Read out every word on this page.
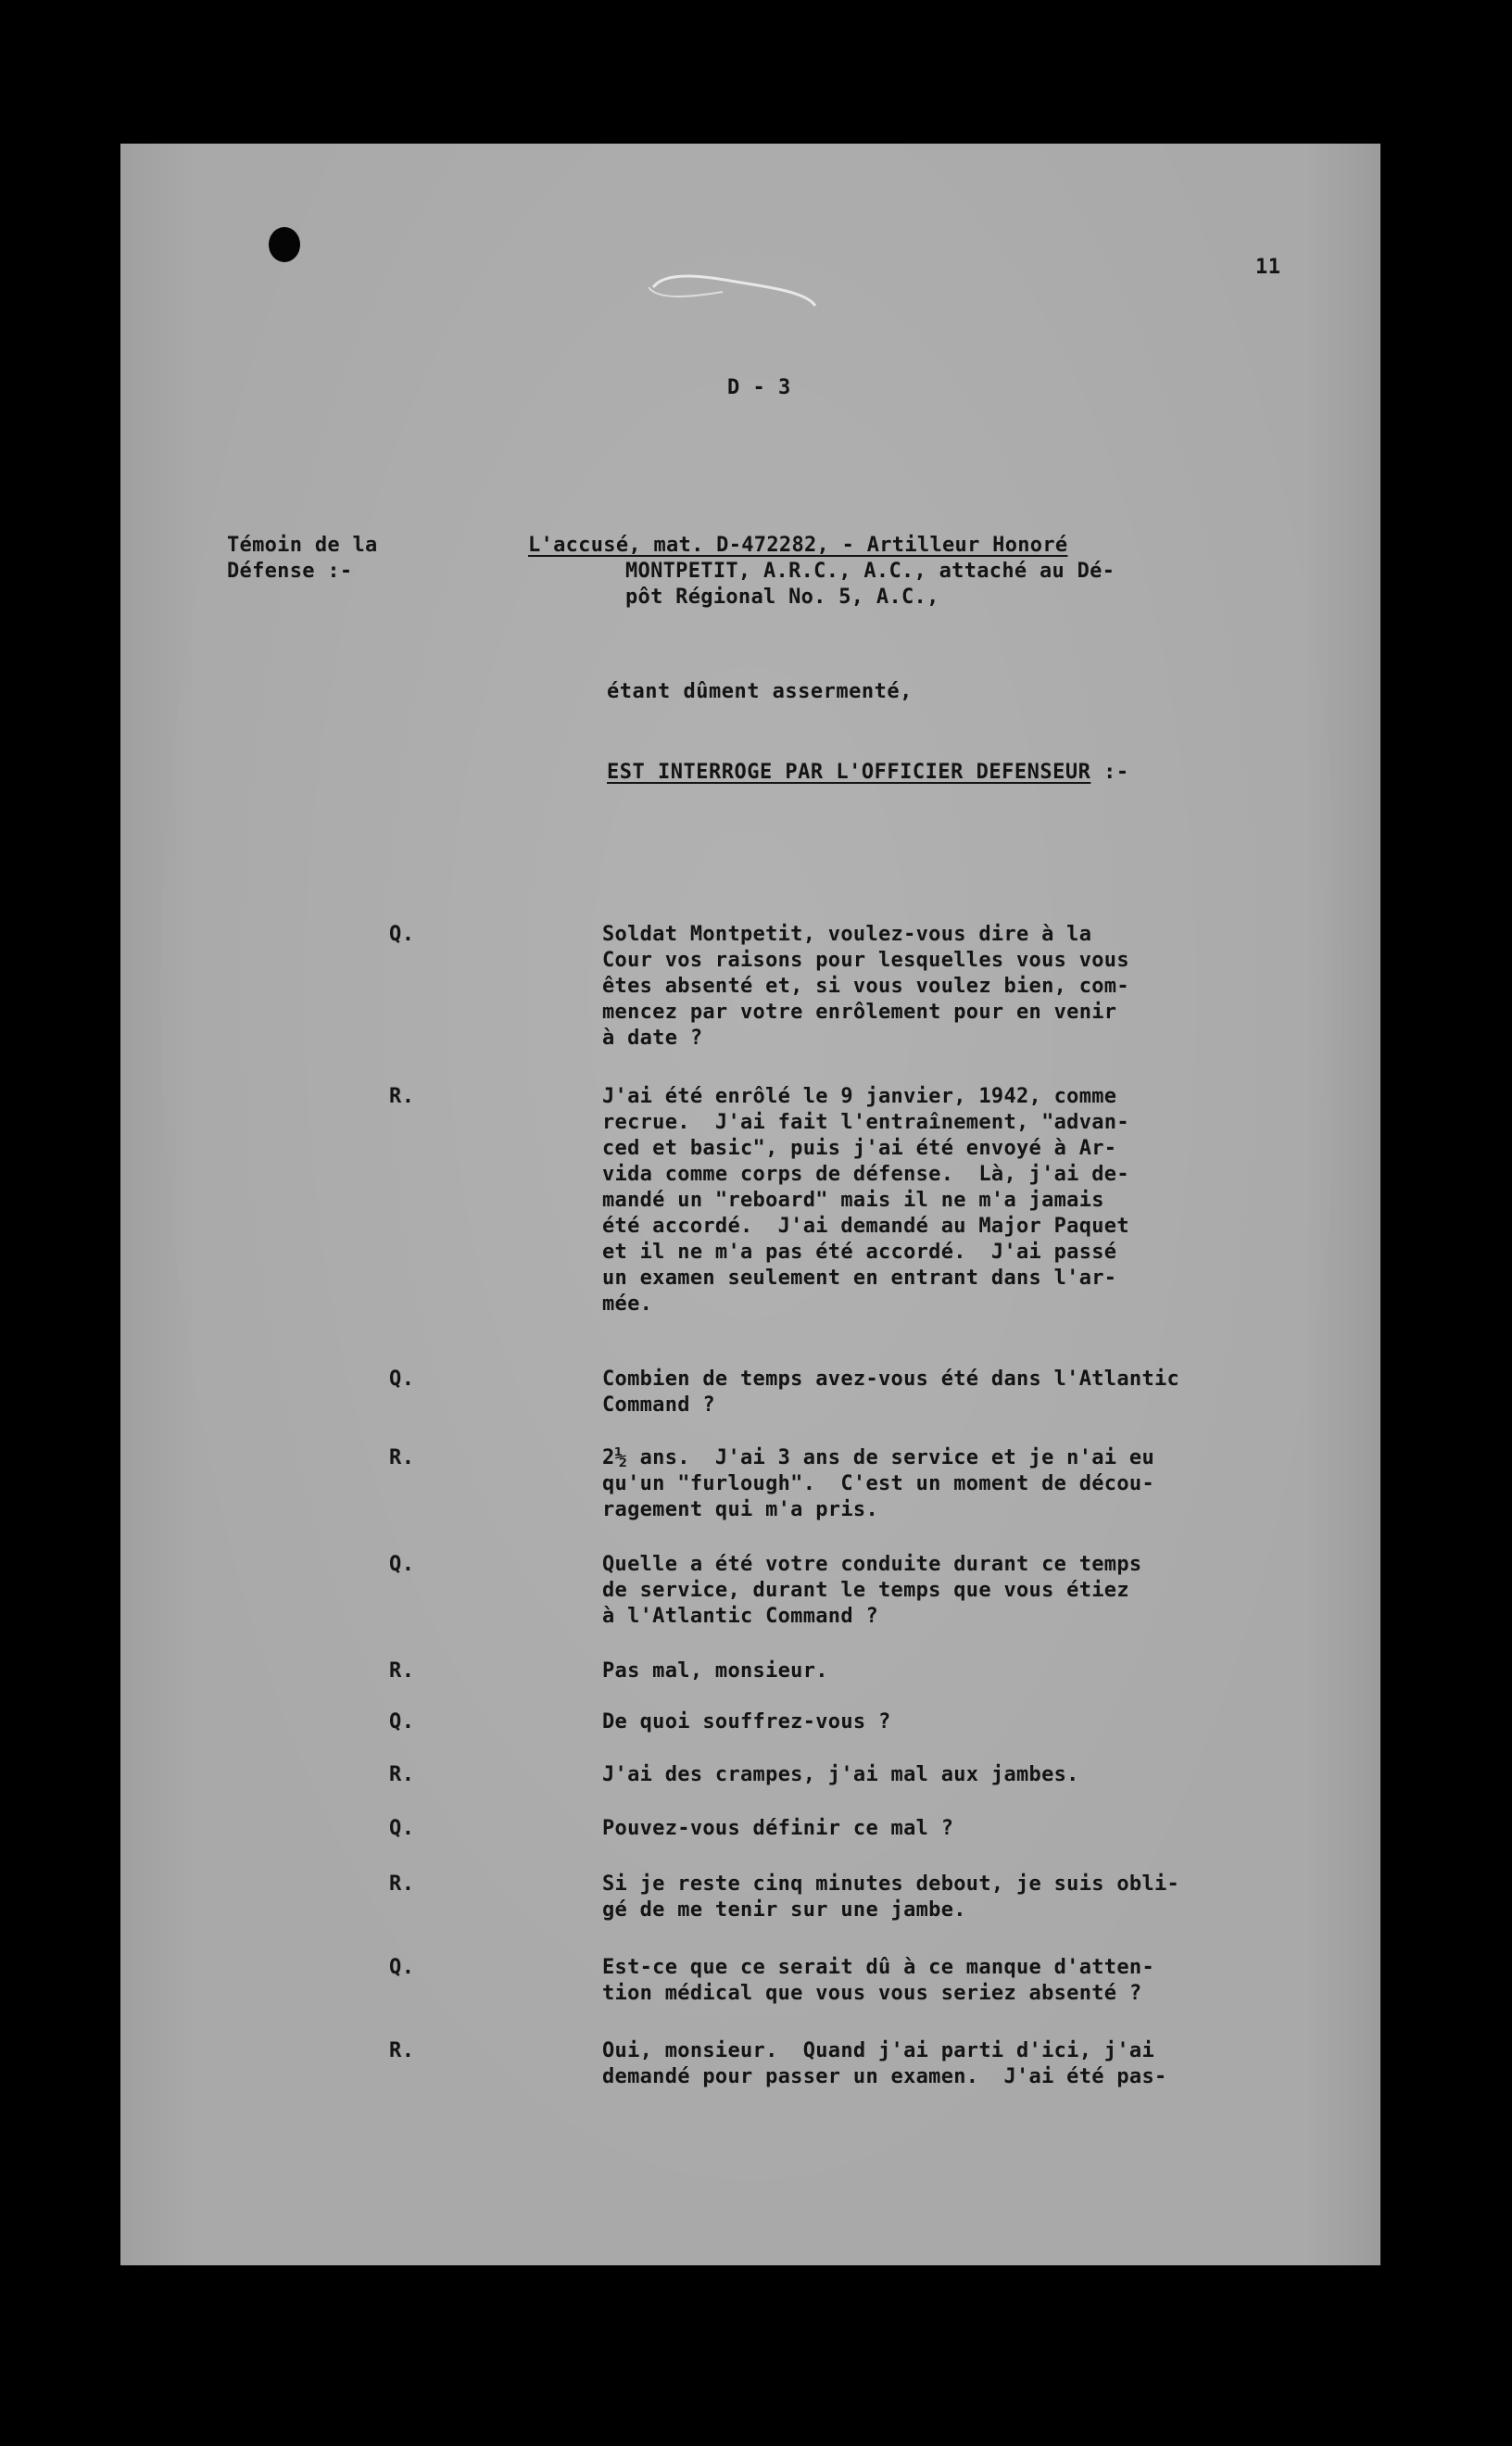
11
D - 3
Témoin de la
Défense :-
L'accusé, mat. D-472282, - Artilleur Honoré
MONTPETIT, A.R.C., A.C., attaché au Dé-
pôt Régional No. 5, A.C.,
étant dûment assermenté,
EST INTERROGE PAR L'OFFICIER DEFENSEUR :-
Q.	Soldat Montpetit, voulez-vous dire à la
Cour vos raisons pour lesquelles vous vous
êtes absenté et, si vous voulez bien, com-
mencez par votre enrôlement pour en venir
à date ?
R.	J'ai été enrôlé le 9 janvier, 1942, comme
recrue.  J'ai fait l'entraînement, "advan-
ced et basic", puis j'ai été envoyé à Ar-
vida comme corps de défense.  Là, j'ai de-
mandé un "reboard" mais il ne m'a jamais
été accordé.  J'ai demandé au Major Paquet
et il ne m'a pas été accordé.  J'ai passé
un examen seulement en entrant dans l'ar-
mée.
Q.	Combien de temps avez-vous été dans l'Atlantic
Command ?
R.	2½ ans.  J'ai 3 ans de service et je n'ai eu
qu'un "furlough".  C'est un moment de décou-
ragement qui m'a pris.
Q.	Quelle a été votre conduite durant ce temps
de service, durant le temps que vous étiez
à l'Atlantic Command ?
R.	Pas mal, monsieur.
Q.	De quoi souffrez-vous ?
R.	J'ai des crampes, j'ai mal aux jambes.
Q.	Pouvez-vous définir ce mal ?
R.	Si je reste cinq minutes debout, je suis obli-
gé de me tenir sur une jambe.
Q.	Est-ce que ce serait dû à ce manque d'atten-
tion médical que vous vous seriez absenté ?
R.	Oui, monsieur.  Quand j'ai parti d'ici, j'ai
demandé pour passer un examen.  J'ai été pas-
